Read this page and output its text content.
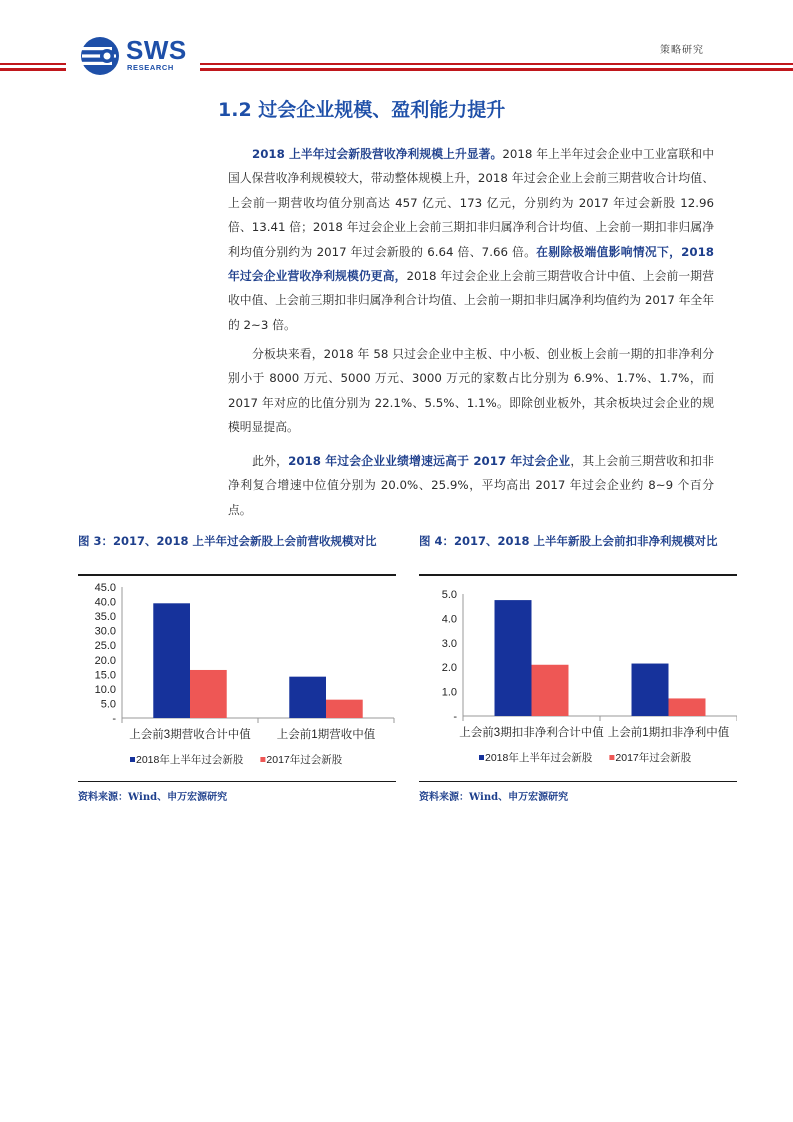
SWS
RESEARCH
策略研究
1.2 过会企业规模、盈利能力提升

2018 上半年过会新股营收净利规模上升显著。2018 年上半年过会企业中工业富联和中国人保营收净利规模较大，带动整体规模上升，2018 年过会企业上会前三期营收合计均值、上会前一期营收均值分别高达 457 亿元、173 亿元，分别约为 2017 年过会新股 12.96 倍、13.41 倍；2018 年过会企业上会前三期扣非归属净利合计均值、上会前一期扣非归属净利均值分别约为 2017 年过会新股的 6.64 倍、7.66 倍。在剔除极端值影响情况下，2018 年过会企业营收净利规模仍更高，2018 年过会企业上会前三期营收合计中值、上会前一期营收中值、上会前三期扣非归属净利合计均值、上会前一期扣非归属净利均值约为 2017 年全年的 2~3 倍。

分板块来看，2018 年 58 只过会企业中主板、中小板、创业板上会前一期的扣非净利分别小于 8000 万元、5000 万元、3000 万元的家数占比分别为 6.9%、1.7%、1.7%，而 2017 年对应的比值分别为 22.1%、5.5%、1.1%。即除创业板外，其余板块过会企业的规模明显提高。

此外，2018 年过会企业业绩增速远高于 2017 年过会企业，其上会前三期营收和扣非净利复合增速中位值分别为 20.0%、25.9%，平均高出 2017 年过会企业约 8~9 个百分点。

图 3：2017、2018 上半年过会新股上会前营收规模对比
-
5.0
10.0
15.0
20.0
25.0
30.0
35.0
40.0
45.0
上会前3期营收合计中值 上会前1期营收中值
2018年上半年过会新股 2017年过会新股
资料来源：Wind、申万宏源研究
图 4：2017、2018 上半年新股上会前扣非净利规模对比
-
1.0
2.0
3.0
4.0
5.0
上会前3期扣非净利合计中值 上会前1期扣非净利中值
2018年上半年过会新股 2017年过会新股
资料来源：Wind、申万宏源研究
